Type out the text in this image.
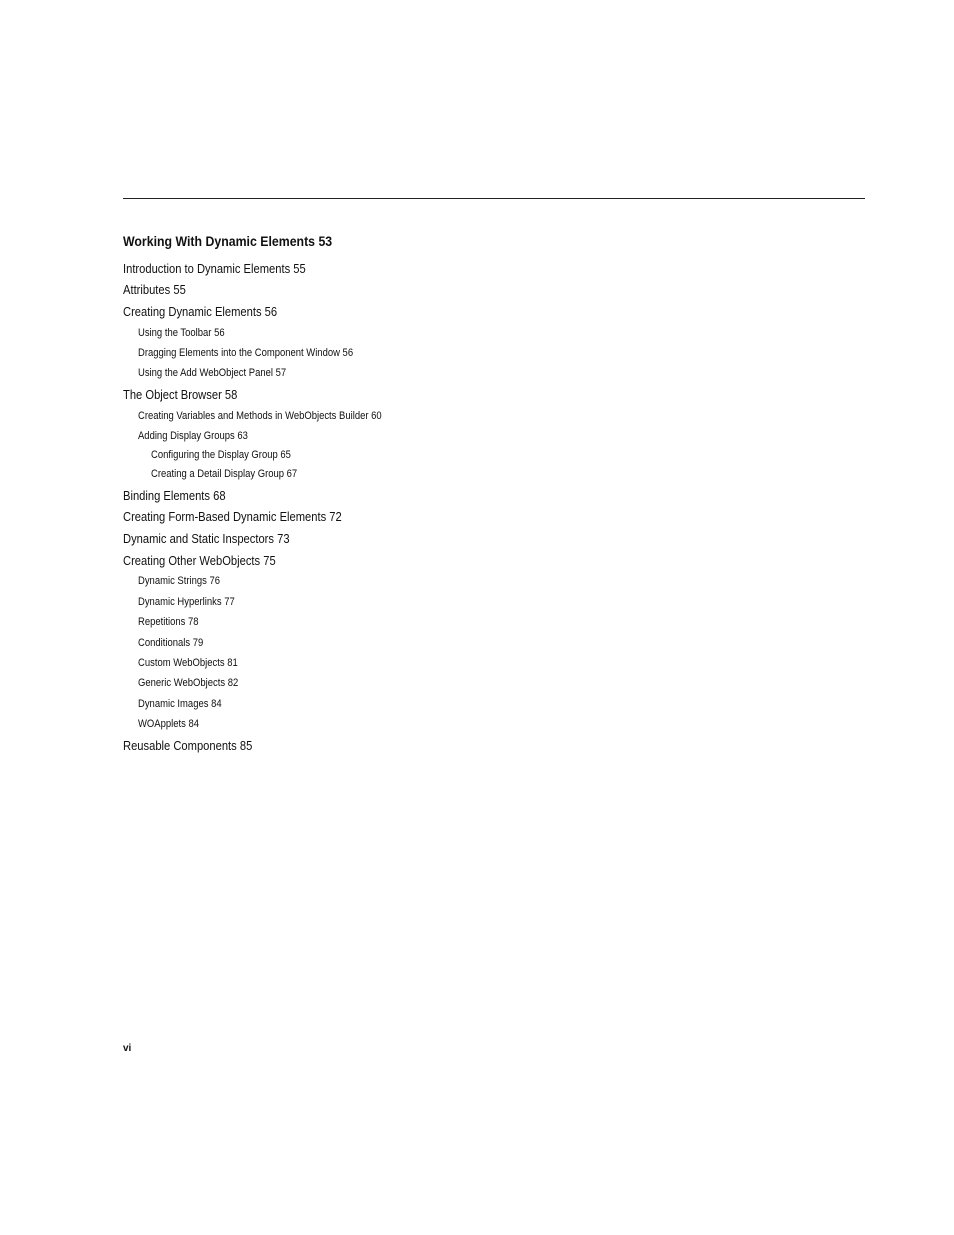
Working With Dynamic Elements 53
Introduction to Dynamic Elements 55
Attributes 55
Creating Dynamic Elements 56
Using the Toolbar 56
Dragging Elements into the Component Window 56
Using the Add WebObject Panel 57
The Object Browser 58
Creating Variables and Methods in WebObjects Builder 60
Adding Display Groups 63
Configuring the Display Group 65
Creating a Detail Display Group 67
Binding Elements 68
Creating Form-Based Dynamic Elements 72
Dynamic and Static Inspectors 73
Creating Other WebObjects 75
Dynamic Strings 76
Dynamic Hyperlinks 77
Repetitions 78
Conditionals 79
Custom WebObjects 81
Generic WebObjects 82
Dynamic Images 84
WOApplets 84
Reusable Components 85
vi
